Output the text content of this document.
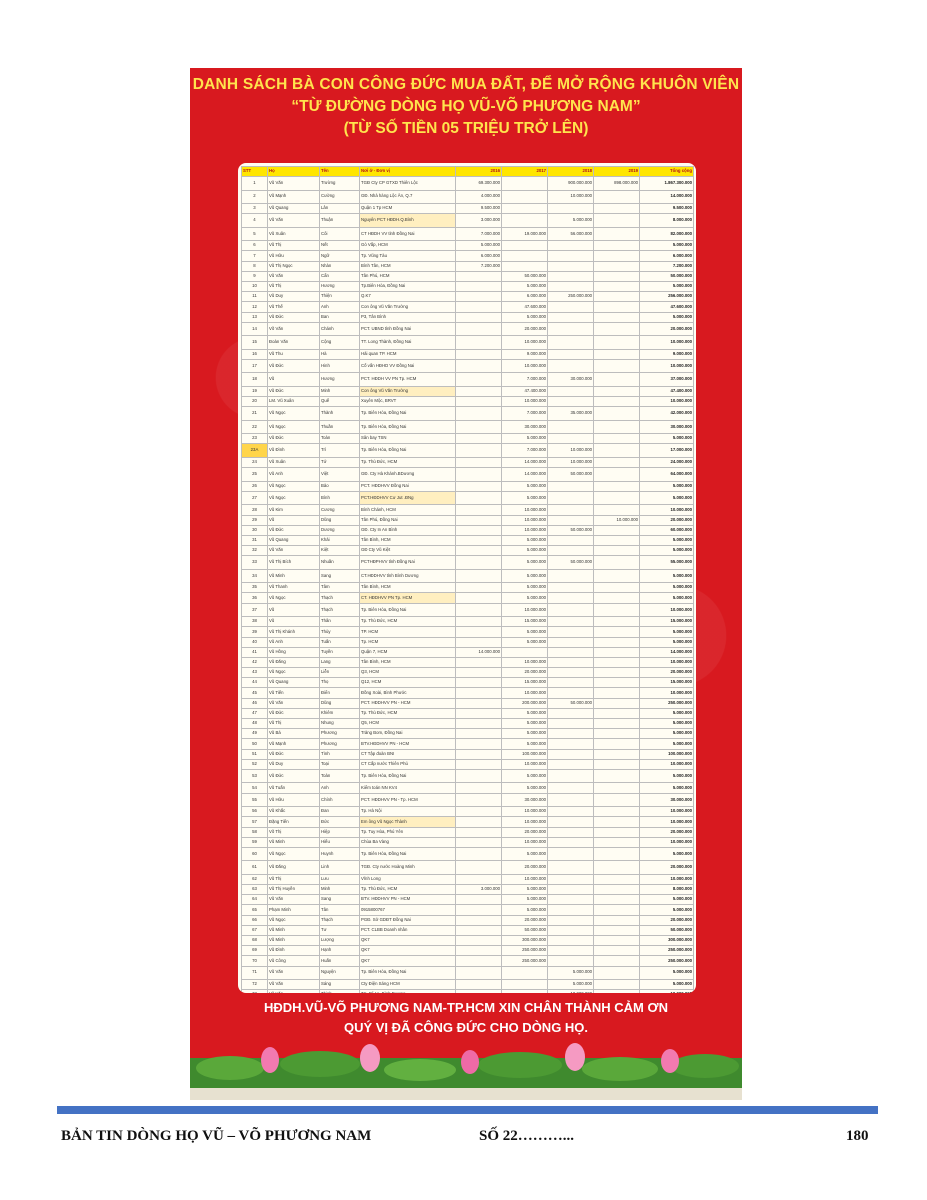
DANH SÁCH BÀ CON CÔNG ĐỨC MUA ĐẤT, ĐỂ MỞ RỘNG KHUÔN VIÊN
“TỪ ĐƯỜNG DÒNG HỌ VŨ-VÕ PHƯƠNG NAM”
(TỪ SỐ TIỀN 05 TRIỆU TRỞ LÊN)
STT	Họ	Tên	Nơi ở - Đơn vị	2016	2017	2018	2019	Tổng cộng
1	Vũ Văn	Trường	TGĐ Cty CP GTXD Thiên Lộc	69.300.000		900.000.000	898.000.000	1.867.300.000
2	Vũ Mạnh	Cường	GĐ. Nhà hàng Lộc Ân, Q.7	4.000.000		10.000.000		14.000.000
3	Vũ Quang	Lân	Quận 1 Tp HCM	9.500.000				9.500.000
4	Vũ Văn	Thuận	Nguyên PCT HĐDH.Q.Bình	3.000.000		5.000.000		8.000.000
5	Vũ Xuân	Côi	CT HĐDH VV tỉnh Đồng Nai	7.000.000	19.000.000	56.000.000		82.000.000
6	Vũ Thị	Nết	Gò Vấp, HCM	5.000.000				5.000.000
7	Vũ Hữu	Ngữ	Tp. Vũng Tàu	6.000.000				6.000.000
8	Vũ Thị Ngọc	Nhàn	Bình Tân, HCM	7.200.000				7.200.000
9	Vũ Văn	Cẩn	Tân Phú, HCM		50.000.000			50.000.000
10	Vũ Thị	Hương	Tp.Biên Hòa, Đồng Nai		5.000.000			5.000.000
11	Vũ Duy	Thiện	Q.K7		6.000.000	250.000.000		256.000.000
12	Vũ Thế	Anh	Con ông Vũ Văn Trường		47.600.000			47.600.000
13	Vũ Đức	Ban	P3, Tân Bình		5.000.000			5.000.000
14	Võ Văn	Chánh	PCT. UBND tỉnh Đồng Nai		20.000.000			20.000.000
15	Đoàn Văn	Cộng	TT. Long Thành, Đồng Nai		10.000.000			10.000.000
16	Vũ Thu	Hà	Hải quan TP. HCM		9.000.000			9.000.000
17	Vũ Đức	Hinh	Cố vấn HĐHD VV Đồng Nai		10.000.000			10.000.000
18	Vũ	Hương	PCT. HĐDH VV PN Tp. HCM		7.000.000	30.000.000		37.000.000
19	Vũ Đức	Minh	Con ông Vũ Văn Trường		47.400.000			47.400.000
20	LM. Vũ Xuân	Quế	Xuyên Mộc, BRVT		10.000.000			10.000.000
21	Vũ Ngọc	Thành	Tp. Biên Hòa, Đồng Nai		7.000.000	35.000.000		42.000.000
22	Vũ Ngọc	Thuần	Tp. Biên Hòa, Đồng Nai		30.000.000			30.000.000
23	Vũ Đức	Toàn	Sân bay TSN		5.000.000			5.000.000
23A	Vũ Đình	Trì	Tp. Biên Hòa, Đồng Nai		7.000.000	10.000.000		17.000.000
24	Vũ Xuân	Tứ	Tp. Thủ Đức, HCM		14.000.000	10.000.000		24.000.000
25	Vũ Anh	Việt	GĐ. Cty Hà Khánh.BDương		14.000.000	50.000.000		64.000.000
26	Vũ Ngọc	Bảo	PCT. HĐDHVV Đồng Nai		5.000.000			5.000.000
27	Vũ Ngọc	Bình	PCT.HĐDHVV Cư Jut .ĐNg		5.000.000			5.000.000
28	Vũ Kim	Cương	Bình Chánh, HCM		10.000.000			10.000.000
29	Vũ	Dũng	Tân Phú, Đồng Nai		10.000.000		10.000.000	20.000.000
30	Vũ Đức	Dương	GĐ. Cty In An Bình		10.000.000	50.000.000		60.000.000
31	Vũ Quang	Khải	Tân Bình, HCM		5.000.000			5.000.000
32	Vũ Văn	Kiệt	GĐ Cty Vũ Kiệt		5.000.000			5.000.000
33	Vũ Thị Bích	Nhuần	PCTHĐPHVV tỉnh Đồng Nai		5.000.000	50.000.000		55.000.000
34	Vũ Minh	Sang	CT.HĐDHVV tỉnh Bình Dương		5.000.000			5.000.000
35	Vũ Thanh	Tâm	Tân Bình, HCM		5.000.000			5.000.000
36	Vũ Ngọc	Thạch	CT. HĐDHVV PN Tp. HCM		5.000.000			5.000.000
37	Vũ	Thạch	Tp. Biên Hòa, Đồng Nai		10.000.000			10.000.000
38	Vũ	Thân	Tp. Thủ Đức, HCM		15.000.000			15.000.000
39	Vũ Thị Khánh	Thùy	TP. HCM		5.000.000			5.000.000
40	Vũ Anh	Tuấn	Tp. HCM		5.000.000			5.000.000
41	Vũ Hồng	Tuyền	Quận 7, HCM	14.000.000				14.000.000
42	Vũ Đăng	Lang	Tân Bình, HCM		10.000.000			10.000.000
43	Vũ Ngọc	Liễn	Q3, HCM		20.000.000			20.000.000
44	Vũ Quang	Thọ	Q12, HCM		15.000.000			15.000.000
45	Vũ Tiến	Điển	Đồng Xoài, Bình Phước		10.000.000			10.000.000
46	Vũ Văn	Dũng	PCT. HĐDHVV PN - HCM		200.000.000	50.000.000		250.000.000
47	Vũ Đức	Khiêm	Tp. Thủ Đức, HCM		5.000.000			5.000.000
48	Vũ Thị	Nhung	Q5, HCM		5.000.000			5.000.000
49	Vũ Bá	Phương	Trảng Bom, Đồng Nai		5.000.000			5.000.000
50	Vũ Mạnh	Phương	BTV.HĐDHVV PN - HCM		5.000.000			5.000.000
51	Vũ Đức	Tình	CT Tập đoàn BNI		100.000.000			100.000.000
52	Vũ Duy	Toại	CT Cấp nước Thiên Phú		10.000.000			10.000.000
53	Vũ Đức	Toàn	Tp. Biên Hòa, Đồng Nai		5.000.000			5.000.000
54	Vũ Tuấn	Anh	Kiểm toán NN KV4		5.000.000			5.000.000
55	Vũ Hữu	Chính	PCT. HĐDHVV PN - Tp. HCM		30.000.000			30.000.000
56	Vũ Khắc	Đan	Tp. Hà Nội		10.000.000			10.000.000
57	Đặng Tiến	Đức	Em ông Vũ Ngọc Thành		10.000.000			10.000.000
58	Võ Thị	Hiệp	Tp. Tuy Hòa, Phú Yên		20.000.000			20.000.000
59	Vũ Minh	Hiếu	Chùa Ba Vàng		10.000.000			10.000.000
60	Vũ Ngọc	Huynh	Tp. Biên Hòa, Đồng Nai		5.000.000			5.000.000
61	Vũ Đăng	Linh	TGĐ. Cty nước Hoàng Minh		20.000.000			20.000.000
62	Vũ Thị	Lưu	Vĩnh Long		10.000.000			10.000.000
63	Vũ Thị Huyền	Minh	Tp. Thủ Đức, HCM	3.000.000	5.000.000			8.000.000
64	Vũ Văn	Sang	BTV. HĐDHVV PN - HCM		5.000.000			5.000.000
65	Phạm Minh	Tân	0915800767		5.000.000			5.000.000
66	Vũ Ngọc	Thạch	PGĐ. Sở GDĐT Đồng Nai		20.000.000			20.000.000
67	Vũ Minh	Tư	PCT. CLBB Doanh nhân		50.000.000			50.000.000
68	Vũ Minh	Lượng	QK7		300.000.000			300.000.000
69	Vũ Đình	Hạnh	QK7		250.000.000			250.000.000
70	Vũ Công	Huấn	QK7		250.000.000			250.000.000
71	Vũ Văn	Nguyện	Tp. Biên Hòa, Đồng Nai			5.000.000		5.000.000
72	Vũ Văn	Sáng	Cty Điện Sáng HCM			5.000.000		5.000.000

HĐDH.VŨ-VÕ PHƯƠNG NAM-TP.HCM XIN CHÂN THÀNH CẢM ƠN
QUÝ VỊ ĐÃ CÔNG ĐỨC CHO DÒNG HỌ.
BẢN TIN DÒNG HỌ VŨ – VÕ PHƯƠNG NAM	SỐ 22………...	180
